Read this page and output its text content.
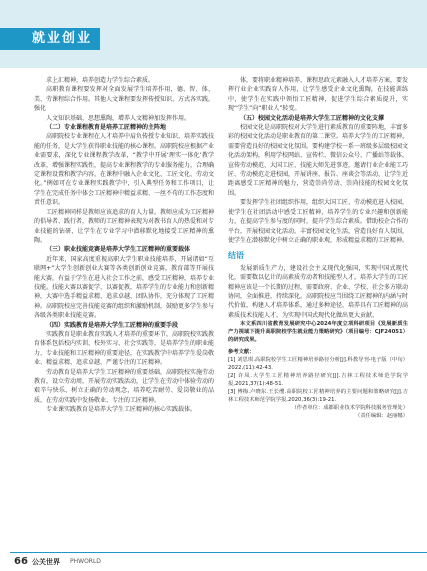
就业创业

求上汇精神，培养创造力学生综合素质。

高职教育课程要发挥对全面发展学生培养作用，德、智、体、美、劳课程综合作用。其他人文课程要发挥传授知识、方式各实践，强化

人文知识基础、思想熏陶，增养人文精神加发挥作用。

（二）专业课程教育是培养工匠精神的主阵地

高职院校专业课程在人才培养中肩负传授专业知识、培养实践技能的任务，是大学生获得职业技能的核心课程。高职院校应根据产业业需要求，深化专业课程教学改革，“教学中开展‘理实一体化’教学改革，增强课程实践性，提高专业课程教学的专业服务能力，合理确定课程设置和教学内容，在课程中融入企业文化、工匠文化、劳动文化。”例如可在专业课程实践教学中，引入典型任务和工作项目，让学生在完成任务中体会工匠精神中精益求精、一丝不苟的工作态度和责任意识。

工匠精神同样是教师应该追求的育人力量。教师应成为工匠精神的倡导者、践行者，教师的工匠精神表现为对教书育人的热爱和对专业技能的钻研，让学生在专业学习中潜移默化地接受工匠精神的熏陶。

（三）职业技能竞赛是培养大学生工匠精神的重要载体

近年来，国家高度重视高职大学生职业技能培养，开展诸如“互联网+”大学生创新创业大赛等各类创新创业竞赛，教育部等开展技能大赛，有益于学生在进入社会工作之前，感受工匠精神，培养专业技能。技能大赛以赛促学、以赛促教，培养学生的专业能力和创新精神，大赛中选手精益求精、追求卓越、团队协作，充分体现了工匠精神。高职院校应完善技能竞赛的组织和激励机制，鼓励更多学生参与各级各类职业技能竞赛。

（四）实践教育是培养大学生工匠精神的重要手段

实践教育是职业教育实践人才培养的重要环节，高职院校实践教育体系包括校内实训、校外实习、社会实践等，是培养学生的职业能力、专业技能和工匠精神的重要途径，在实践教学中培养学生爱岗敬业、精益求精、追求卓越、严谨专注的工匠精神。

劳动教育是培养大学生工匠精神的重要基础，高职院校实施劳动教育，设立劳动周，开展劳动实践活动，让学生在劳动中体验劳动的艰辛与快乐，树立正确的劳动观念，培养吃苦耐劳、爱岗敬业的品质，在劳动实践中发扬敬业、专注的工匠精神。

专业课实践教育是培养大学生工匠精神的核心实践载体。

体，要将职业精神培养、课程思政元素融入人才培养方案，要发挥行业企业实践育人作用，让学生感受企业文化熏陶，在技能训练中，使学生在实践中领悟工匠精神，促进学生综合素质提升，实现“学生”向“职业人”转变。

（五）校园文化活动是培养大学生工匠精神的文化支撑

校园文化是高职院校对大学生进行素质教育的重要阵地，丰富多彩的校园文化活动是职业教育的第二课堂。培养大学生的工匠精神，需要营造良好的校园文化氛围。要构建学校一系一班级多层级校园文化活动架构，利用学校网站、宣传栏、微信公众号、广播站等载体，宣传劳动模范、大国工匠、技能大师先进事迹，邀请行业企业能工巧匠、劳动模范走进校园，开展讲座、报告、座谈会等活动，让学生近距离感受工匠精神的魅力，营造崇尚劳动、崇尚技能的校园文化氛围。

要发挥学生社团组织作用，组织大国工匠、劳动模范进入校园，使学生在社团活动中感受工匠精神，培养学生的专业兴趣和创新能力，在提高学生参与度的同时，提升学生综合素质。借助校企合作的平台，开展校园文化活动，丰富校园文化生活，营造良好育人氛围，使学生在潜移默化中树立正确的职业观，形成精益求精的工匠精神。

结语

发展新质生产力，建设社会主义现代化强国，实现中国式现代化，需要数以亿计的高素质劳动者和技能型人才。培养大学生的工匠精神应该是一个长期的过程，需要政府、企业、学校、社会多方联动协同，全面推进，持续深化。高职院校应当围绕工匠精神的内涵与时代价值，构建人才培养体系，通过多种途径，培养具有工匠精神的高素质技术技能人才，为实现中国式现代化做出更大贡献。

本文系四川省教育发展研究中心2024年度立项科研项目《发展新质生产力视域下提升高职院校学生就业能力策略研究》（项目编号：CJF24051）的研究成果。

参考文献：

[1] 刘思琪.高职院校学生工匠精神培养路径分析[J].科教导刊-电子版（中旬）2022,(11):42-43.

[2] 许凤.大学生工匠精神培养路径研究[J].吉林工程技术师范学院学报,2021,37(1):48-51.

[3] 傅梅.卢晓东.王长缨.高职院校工匠精神培养的主要问题和策略研究[J].吉林工程技术师范学院学报,2020,36(3):19-21.

（作者单位：成都职业技术学院科技服务管理处）

（责任编辑：赵丽娜）

66 公关世界 PHWORLD
